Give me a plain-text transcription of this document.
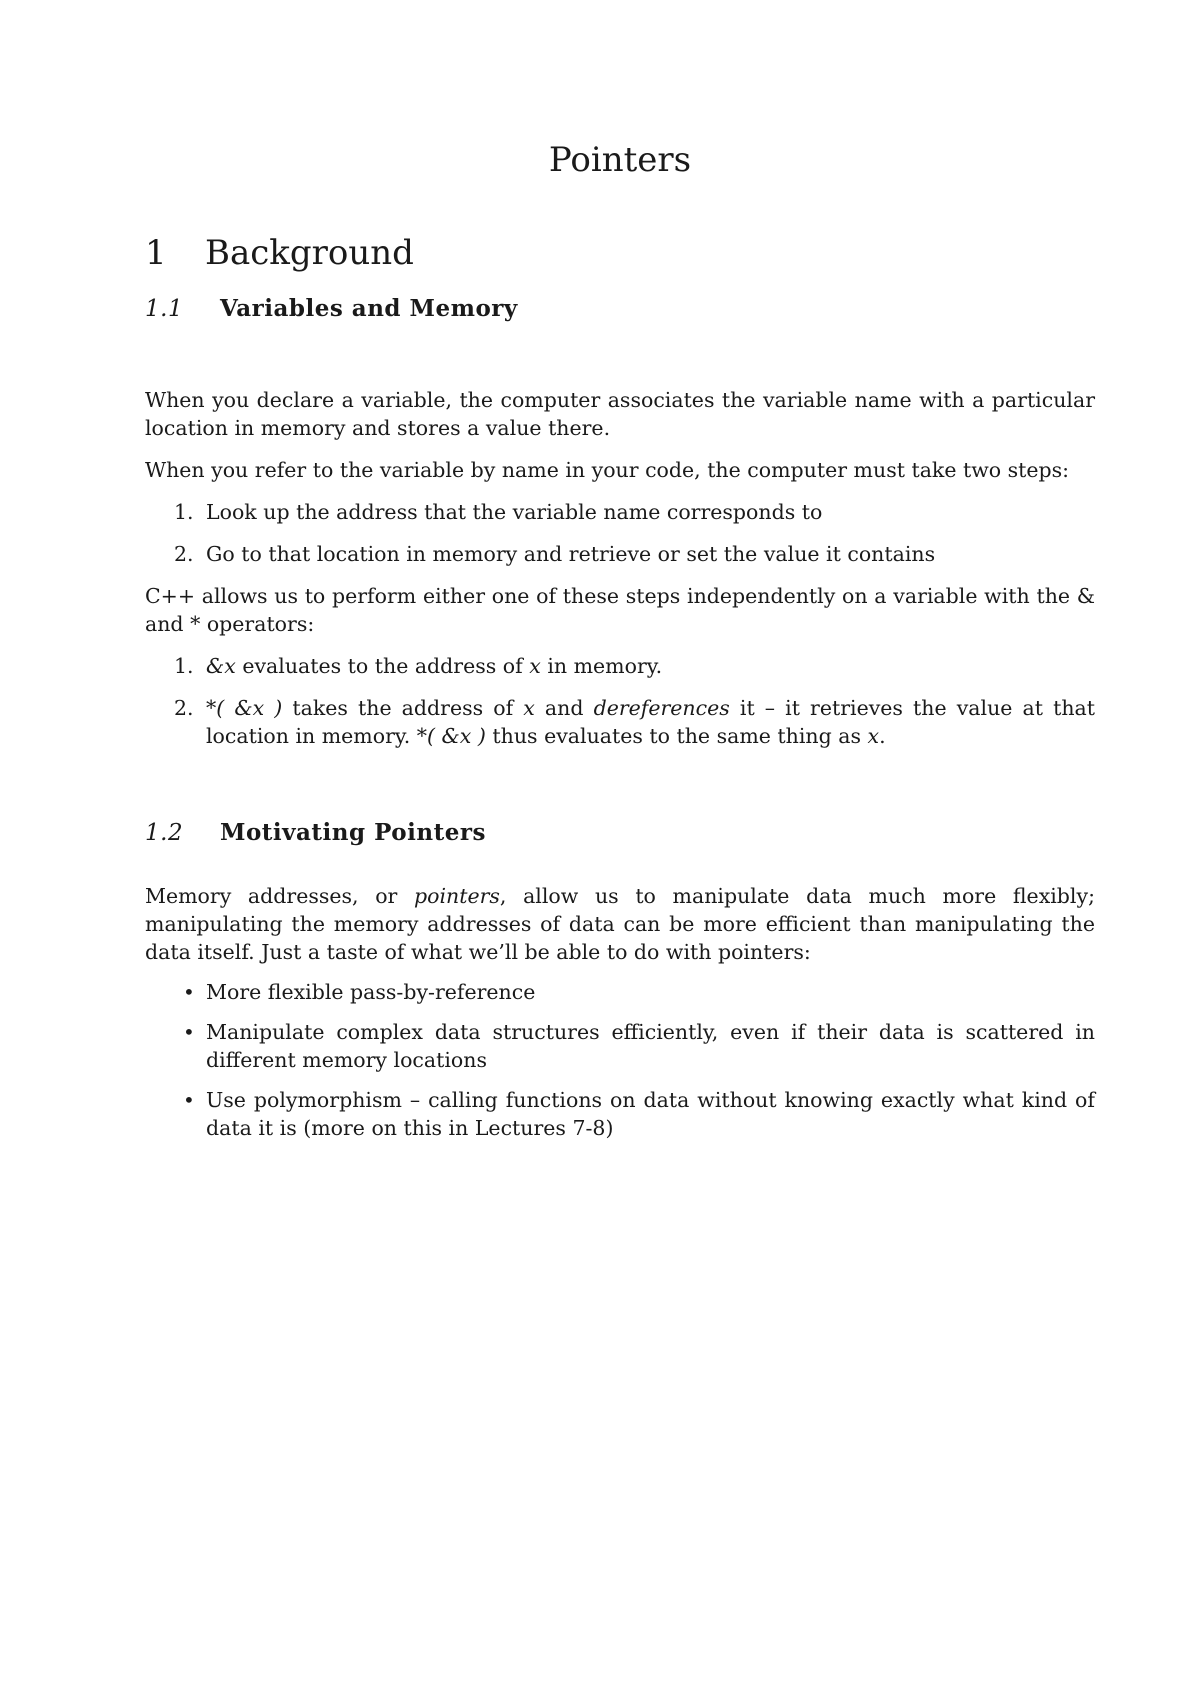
Pointers
1 Background
1.1 Variables and Memory

When you declare a variable, the computer associates the variable name with a particular location in memory and stores a value there.

When you refer to the variable by name in your code, the computer must take two steps:

1. Look up the address that the variable name corresponds to
2. Go to that location in memory and retrieve or set the value it contains

C++ allows us to perform either one of these steps independently on a variable with the & and * operators:

1. &x evaluates to the address of x in memory.
2. *( &x ) takes the address of x and dereferences it – it retrieves the value at that location in memory. *( &x ) thus evaluates to the same thing as x.
1.2 Motivating Pointers

Memory addresses, or pointers, allow us to manipulate data much more flexibly; manipulating the memory addresses of data can be more efficient than manipulating the data itself. Just a taste of what we’ll be able to do with pointers:

• More flexible pass-by-reference
• Manipulate complex data structures efficiently, even if their data is scattered in different memory locations
• Use polymorphism – calling functions on data without knowing exactly what kind of data it is (more on this in Lectures 7-8)
